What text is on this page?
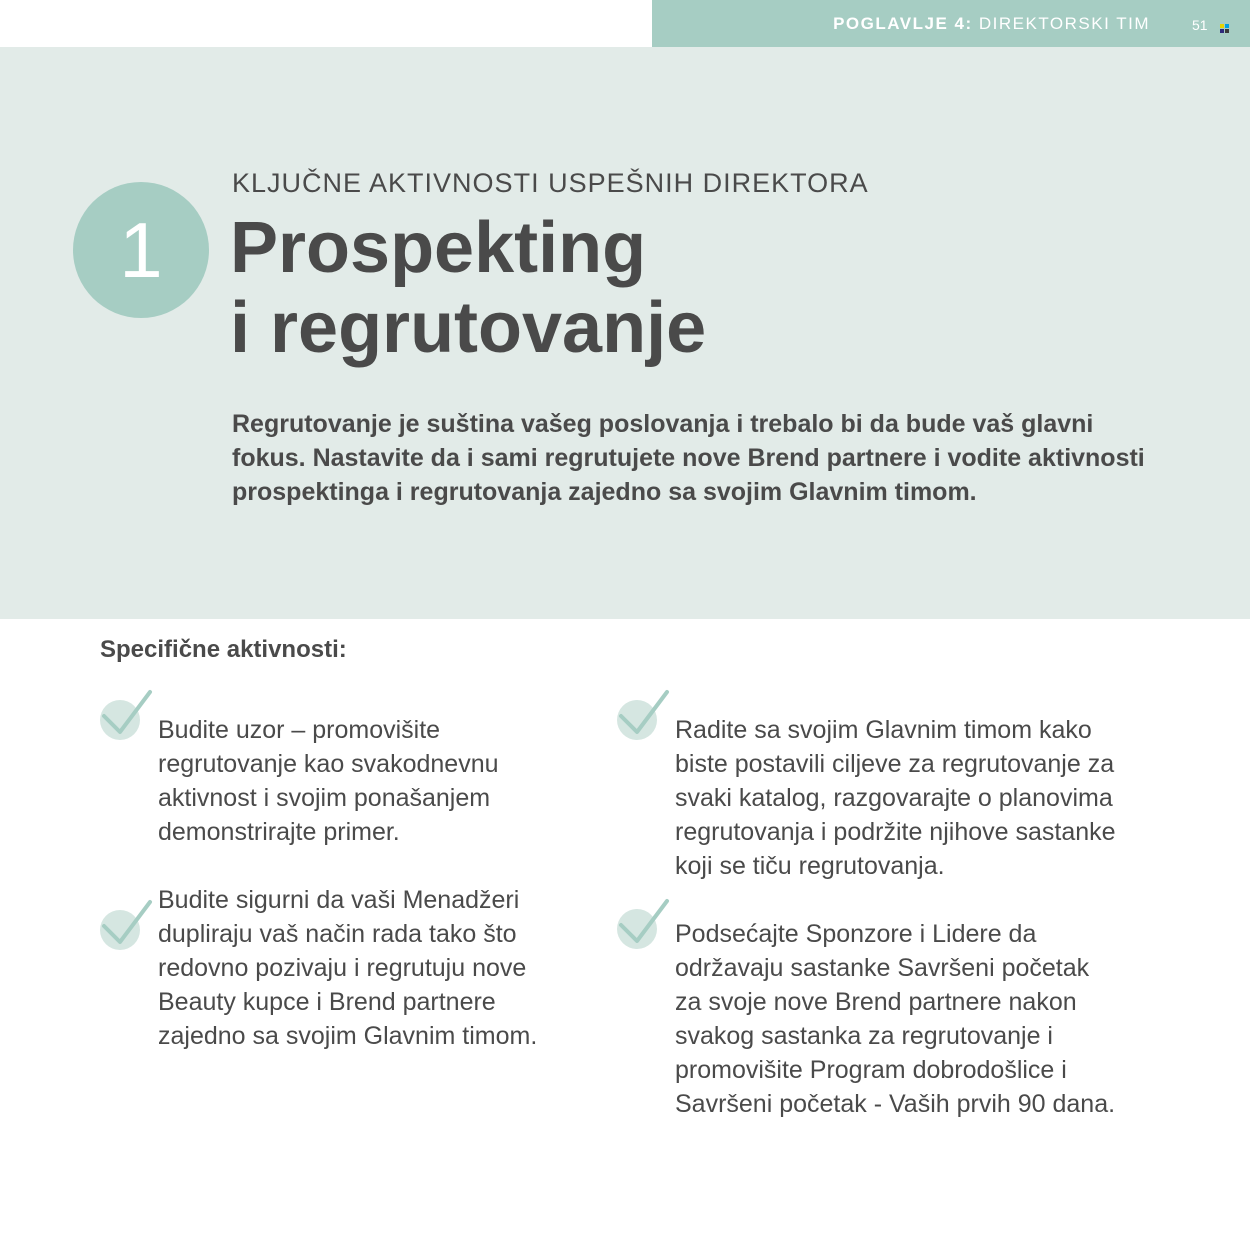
POGLAVLJE 4: DIREKTORSKI TIM	51
1
KLJUČNE AKTIVNOSTI USPEŠNIH DIREKTORA
Prospekting
i regrutovanje
Regrutovanje je suština vašeg poslovanja i trebalo bi da bude vaš glavni fokus. Nastavite da i sami regrutujete nove Brend partnere i vodite aktivnosti prospektinga i regrutovanja zajedno sa svojim Glavnim timom.
Specifične aktivnosti:
Budite uzor – promovišite
regrutovanje kao svakodnevnu
aktivnost i svojim ponašanjem
demonstrirajte primer.
Budite sigurni da vaši Menadžeri
dupliraju vaš način rada tako što
redovno pozivaju i regrutuju nove
Beauty kupce i Brend partnere
zajedno sa svojim Glavnim timom.
Radite sa svojim Glavnim timom kako
biste postavili ciljeve za regrutovanje za
svaki katalog, razgovarajte o planovima
regrutovanja i podržite njihove sastanke
koji se tiču regrutovanja.
Podsećajte Sponzore i Lidere da
održavaju sastanke Savršeni početak
za svoje nove Brend partnere nakon
svakog sastanka za regrutovanje i
promovišite Program dobrodošlice i
Savršeni početak - Vaših prvih 90 dana.
